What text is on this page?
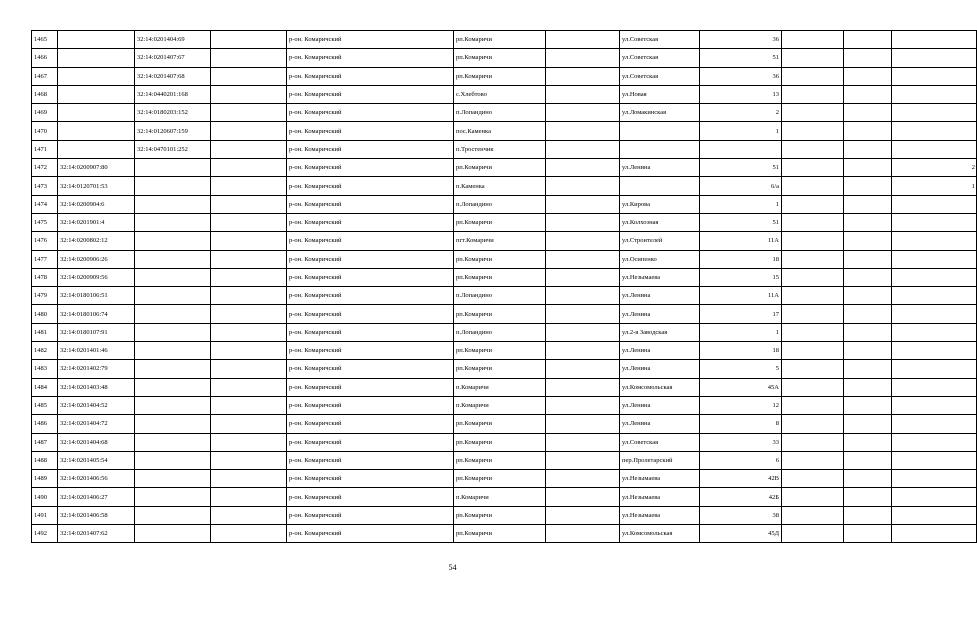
1465		32:14:0201404:69		р-он. Комаричский	рп.Комаричи		ул.Советская	36			
1466		32:14:0201407:67		р-он. Комаричский	рп.Комаричи		ул.Советская	51			
1467		32:14:0201407:68		р-он. Комаричский	рп.Комаричи		ул.Советская	36			
1468		32:14:0440201:168		р-он. Комаричский	с.Хлебтово		ул.Новая	13			
1469		32:14:0180203:152		р-он. Комаричский	п.Лопандино		ул.Ломакинская	2			
1470		32:14:0120607:159		р-он. Комаричский	пос.Каменка			1			
1471		32:14:0470101:252		р-он. Комаричский	п.Тростенчик						
1472	32:14:0200907:80			р-он. Комаричский	рп.Комаричи		ул.Ленина	51			2
1473	32:14:0120701:53			р-он. Комаричский	п.Каменка			6/а			1
1474	32:14:0200904:6			р-он. Комаричский	п.Лопандино		ул.Кирова	1			
1475	32:14:0201901:4			р-он. Комаричский	рп.Комаричи		ул.Колхозная	51			
1476	32:14:0200802:12			р-он. Комаричский	пгт.Комаричи		ул.Строителей	11А			
1477	32:14:0200906:26			р-он. Комаричский	рп.Комаричи		ул.Осипенко	18			
1478	32:14:0200909:56			р-он. Комаричский	рп.Комаричи		ул.Незымаева	15			
1479	32:14:0180106:51			р-он. Комаричский	п.Лопандино		ул.Ленина	11А			
1480	32:14:0180106:74			р-он. Комаричский	рп.Комаричи		ул.Ленина	17			
1481	32:14:0180107:91			р-он. Комаричский	п.Лопандино		ул.2-я Заводская	1			
1482	32:14:0201401:46			р-он. Комаричский	рп.Комаричи		ул.Ленина	18			
1483	32:14:0201402:79			р-он. Комаричский	рп.Комаричи		ул.Ленина	5			
1484	32:14:0201403:48			р-он. Комаричский	п.Комаричи		ул.Комсомольская	45А			
1485	32:14:0201404:52			р-он. Комаричский	п.Комаричи		ул.Ленина	12			
1486	32:14:0201404:72			р-он. Комаричский	рп.Комаричи		ул.Ленина	8			
1487	32:14:0201404:68			р-он. Комаричский	рп.Комаричи		ул.Советская	33			
1488	32:14:0201405:54			р-он. Комаричский	рп.Комаричи		пер.Пролетарский	6			
1489	32:14:0201406:56			р-он. Комаричский	рп.Комаричи		ул.Незымаева	42В			
1490	32:14:0201406:27			р-он. Комаричский	п.Комаричи		ул.Незымаева	42Б			
1491	32:14:0201406:58			р-он. Комаричский	рп.Комаричи		ул.Незымаева	38			
1492	32:14:0201407:62			р-он. Комаричский	рп.Комаричи		ул.Комсомольская	45Д			
54
